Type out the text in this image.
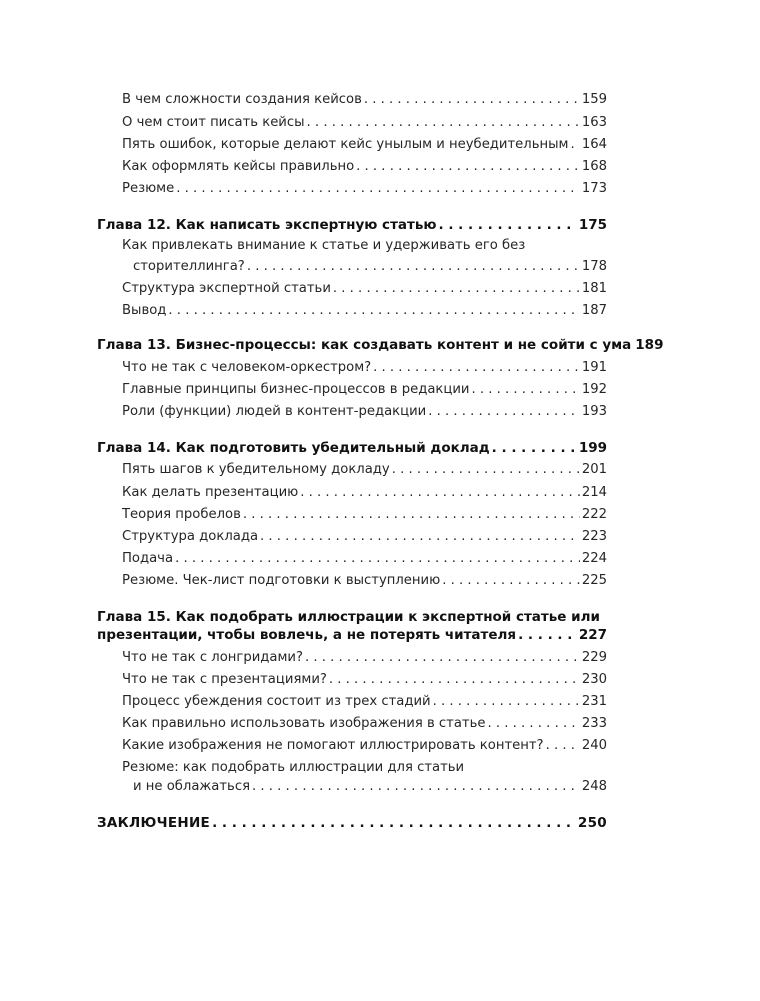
В чем сложности создания кейсов . . .	159
О чем стоит писать кейсы . . .	163
Пять ошибок, которые делают кейс унылым и неубедительным . . . 164
Как оформлять кейсы правильно . . .	168
Резюме . . .	173
Глава 12. Как написать экспертную статью . . .	175
Как привлекать внимание к статье и удерживать его без
сторителлинга? . . .	178
Структура экспертной статьи . . .	181
Вывод . . .	187
Глава 13. Бизнес-процессы: как создавать контент и не сойти с ума 189
Что не так с человеком-оркестром? . . .	191
Главные принципы бизнес-процессов в редакции . . .	192
Роли (функции) людей в контент-редакции . . .	193
Глава 14. Как подготовить убедительный доклад . . .	199
Пять шагов к убедительному докладу . . .	201
Как делать презентацию . . .	214
Теория пробелов . . .	222
Структура доклада . . .	223
Подача . . .	224
Резюме. Чек-лист подготовки к выступлению . . .	225
Глава 15. Как подобрать иллюстрации к экспертной статье или
презентации, чтобы вовлечь, а не потерять читателя . . .	227
Что не так с лонгридами? . . .	229
Что не так с презентациями? . . .	230
Процесс убеждения состоит из трех стадий . . .	231
Как правильно использовать изображения в статье . . .	233
Какие изображения не помогают иллюстрировать контент? . . .	240
Резюме: как подобрать иллюстрации для статьи
и не облажаться . . .	248
ЗАКЛЮЧЕНИЕ . . .	250
